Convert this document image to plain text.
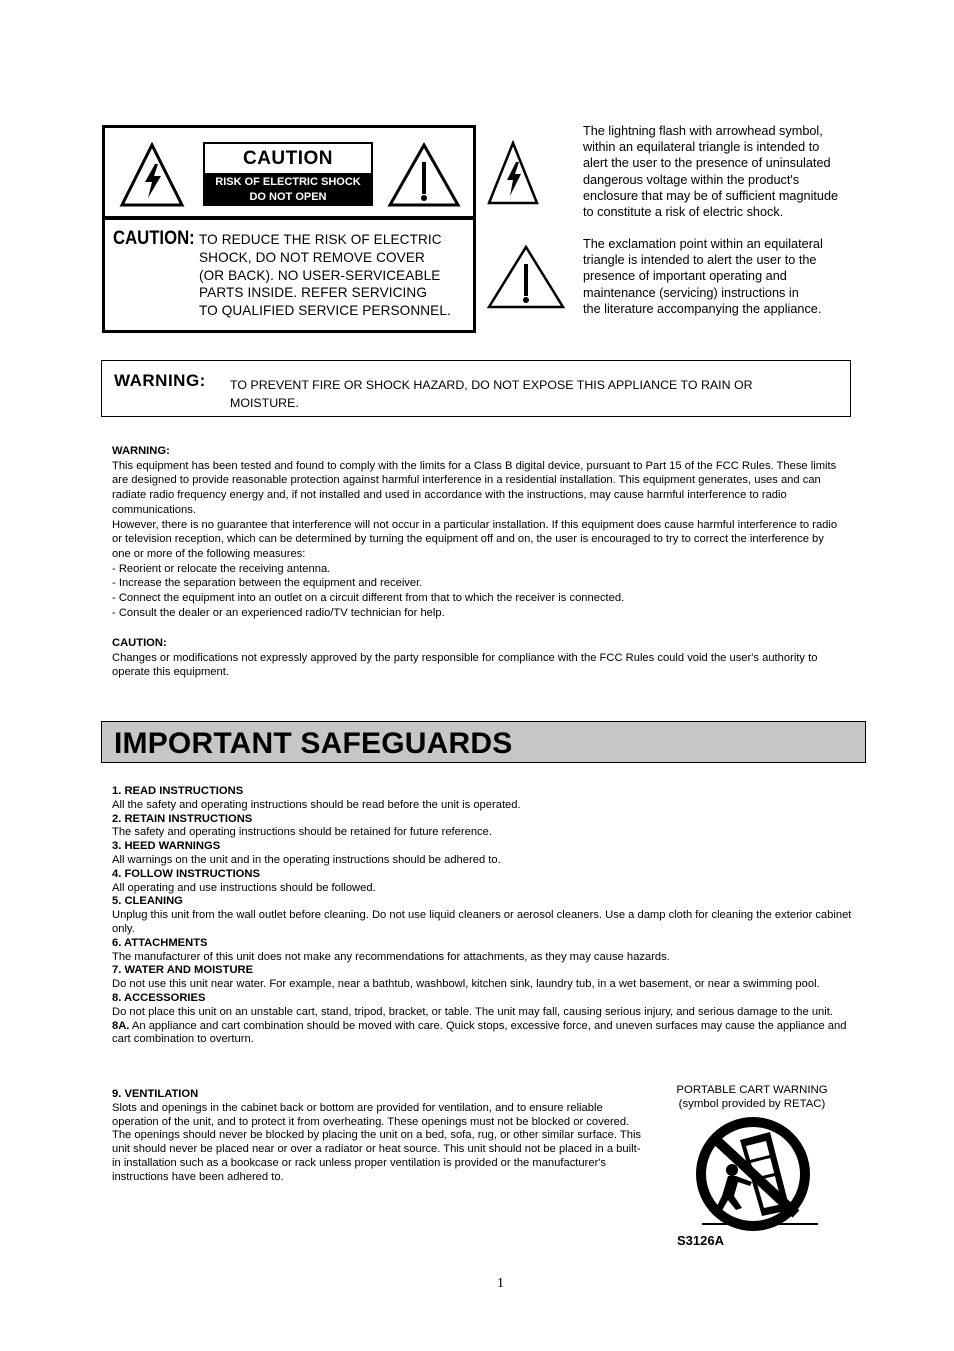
CAUTION
RISK OF ELECTRIC SHOCK
DO NOT OPEN
CAUTION: TO REDUCE THE RISK OF ELECTRIC
SHOCK, DO NOT REMOVE COVER
(OR BACK). NO USER-SERVICEABLE
PARTS INSIDE. REFER SERVICING
TO QUALIFIED SERVICE PERSONNEL.
The lightning flash with arrowhead symbol,
within an equilateral triangle is intended to
alert the user to the presence of uninsulated
dangerous voltage within the product's
enclosure that may be of sufficient magnitude
to constitute a risk of electric shock.
The exclamation point within an equilateral
triangle is intended to alert the user to the
presence of important operating and
maintenance (servicing) instructions in
the literature accompanying the appliance.
WARNING: TO PREVENT FIRE OR SHOCK HAZARD, DO NOT EXPOSE THIS APPLIANCE TO RAIN OR
MOISTURE.

WARNING:

This equipment has been tested and found to comply with the limits for a Class B digital device, pursuant to Part 15 of the FCC Rules. These limits are designed to provide reasonable protection against harmful interference in a residential installation. This equipment generates, uses and can radiate radio frequency energy and, if not installed and used in accordance with the instructions, may cause harmful interference to radio communications.

However, there is no guarantee that interference will not occur in a particular installation. If this equipment does cause harmful interference to radio or television reception, which can be determined by turning the equipment off and on, the user is encouraged to try to correct the interference by one or more of the following measures:

- Reorient or relocate the receiving antenna.

- Increase the separation between the equipment and receiver.

- Connect the equipment into an outlet on a circuit different from that to which the receiver is connected.

- Consult the dealer or an experienced radio/TV technician for help.

CAUTION:

Changes or modifications not expressly approved by the party responsible for compliance with the FCC Rules could void the user's authority to operate this equipment.

IMPORTANT SAFEGUARDS
1. READ INSTRUCTIONS
All the safety and operating instructions should be read before the unit is operated.
2. RETAIN INSTRUCTIONS
The safety and operating instructions should be retained for future reference.
3. HEED WARNINGS
All warnings on the unit and in the operating instructions should be adhered to.
4. FOLLOW INSTRUCTIONS
All operating and use instructions should be followed.
5. CLEANING
Unplug this unit from the wall outlet before cleaning. Do not use liquid cleaners or aerosol cleaners. Use a damp cloth for cleaning the exterior cabinet only.
6. ATTACHMENTS
The manufacturer of this unit does not make any recommendations for attachments, as they may cause hazards.
7. WATER AND MOISTURE
Do not use this unit near water. For example, near a bathtub, washbowl, kitchen sink, laundry tub, in a wet basement, or near a swimming pool.
8. ACCESSORIES
Do not place this unit on an unstable cart, stand, tripod, bracket, or table. The unit may fall, causing serious injury, and serious damage to the unit.
8A. An appliance and cart combination should be moved with care. Quick stops, excessive force, and uneven surfaces may cause the appliance and cart combination to overturn.
9. VENTILATION
Slots and openings in the cabinet back or bottom are provided for ventilation, and to ensure reliable operation of the unit, and to protect it from overheating. These openings must not be blocked or covered. The openings should never be blocked by placing the unit on a bed, sofa, rug, or other similar surface. This unit should never be placed near or over a radiator or heat source. This unit should not be placed in a built-in installation such as a bookcase or rack unless proper ventilation is provided or the manufacturer's instructions have been adhered to.
PORTABLE CART WARNING
(symbol provided by RETAC)
S3126A
1
